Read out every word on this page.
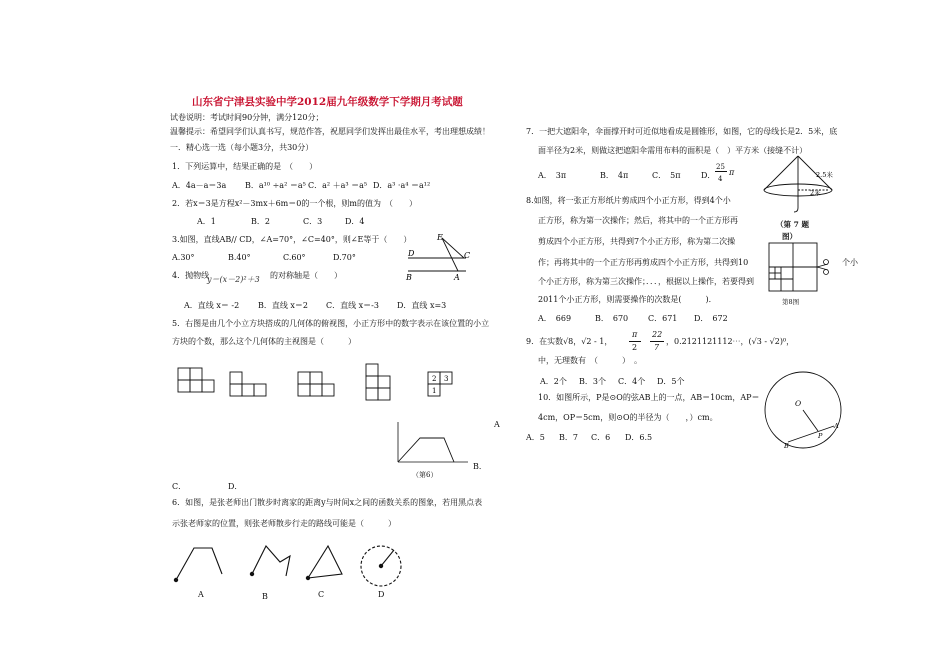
山东省宁津县实验中学2012届九年级数学下学期月考试题
试卷说明：考试时间90分钟，满分120分；
温馨提示：希望同学们认真书写，规范作答，祝愿同学们发挥出最佳水平，考出理想成绩！
一．精心选一选（每小题3分，共30分）
1．下列运算中，结果正确的是　（　　）
A．4a－a＝3a B．a¹⁰ ÷a² ＝a⁵ C．a² ＋a³ ＝a⁵ D．a³ ·a⁴ ＝a¹²
2．若x＝3是方程x²－3mx＋6m＝0的一个根，则m的值为　（　　）
A．1	B．2	C．3	D．4
3.如图，直线AB// CD，∠A=70°，∠C=40°，则∠E等于（　　）
A.30°	B.40°	C.60°	D.70°
E
C
D
B	A
4．抛物线
y＝(x－2)²＋3 的对称轴是（　　）
A．直线 x＝ -2 B．直线 x＝2 C．直线 x＝-3 D．直线 x=3
5．右图是由几个小立方块搭成的几何体的俯视图，小正方形中的数字表示在该位置的小立
方块的个数，那么这个几何体的主视图是（　　　）
2 3
1
（第6）
A
B．
C．	D．
6．如图，是张老师出门散步时离家的距离y与时间x之间的函数关系的图象，若用黑点表
示张老师家的位置，则张老师散步行走的路线可能是（　　　）
A	B	C	D
7．一把大遮阳伞，伞面撑开时可近似地看成是圆锥形，如图，它的母线长是2．5米，底
面半径为2米，则做这把遮阳伞需用布料的面积是（　）平方米（接缝不计）
A．　3π	B．　4π	C．　5π	D．
25
4
π	2.5米
2米
（第 7 题
图）
8.如图，将一张正方形纸片剪成四个小正方形，得到4个小
正方形，称为第一次操作；然后，将其中的一个正方形再
剪成四个小正方形，共得到7个小正方形，称为第二次操
作；再将其中的一个正方形再剪成四个小正方形，共得到10
个小正方形，称为第三次操作；．．．，根据以上操作，若要得到
2011个小正方形，则需要操作的次数是(　　　)．
个小
A．　669	B．　670 C．671 D．　672
第8图
9．在实数√8，√2 - 1，
π
2
22
7
，0.2121121112⋯，(√3 - √2)⁰，
中，无理数有　（　　　）　。
A．2个 B．3个 C．4个 D．5个
10．如图所示，P是⊙O的弦AB上的一点，AB＝10cm，AP＝
4cm，OP＝5cm，则⊙O的半径为（　　，）cm。
A．5 B．7 C．6 D．6.5
O
A
B
P
